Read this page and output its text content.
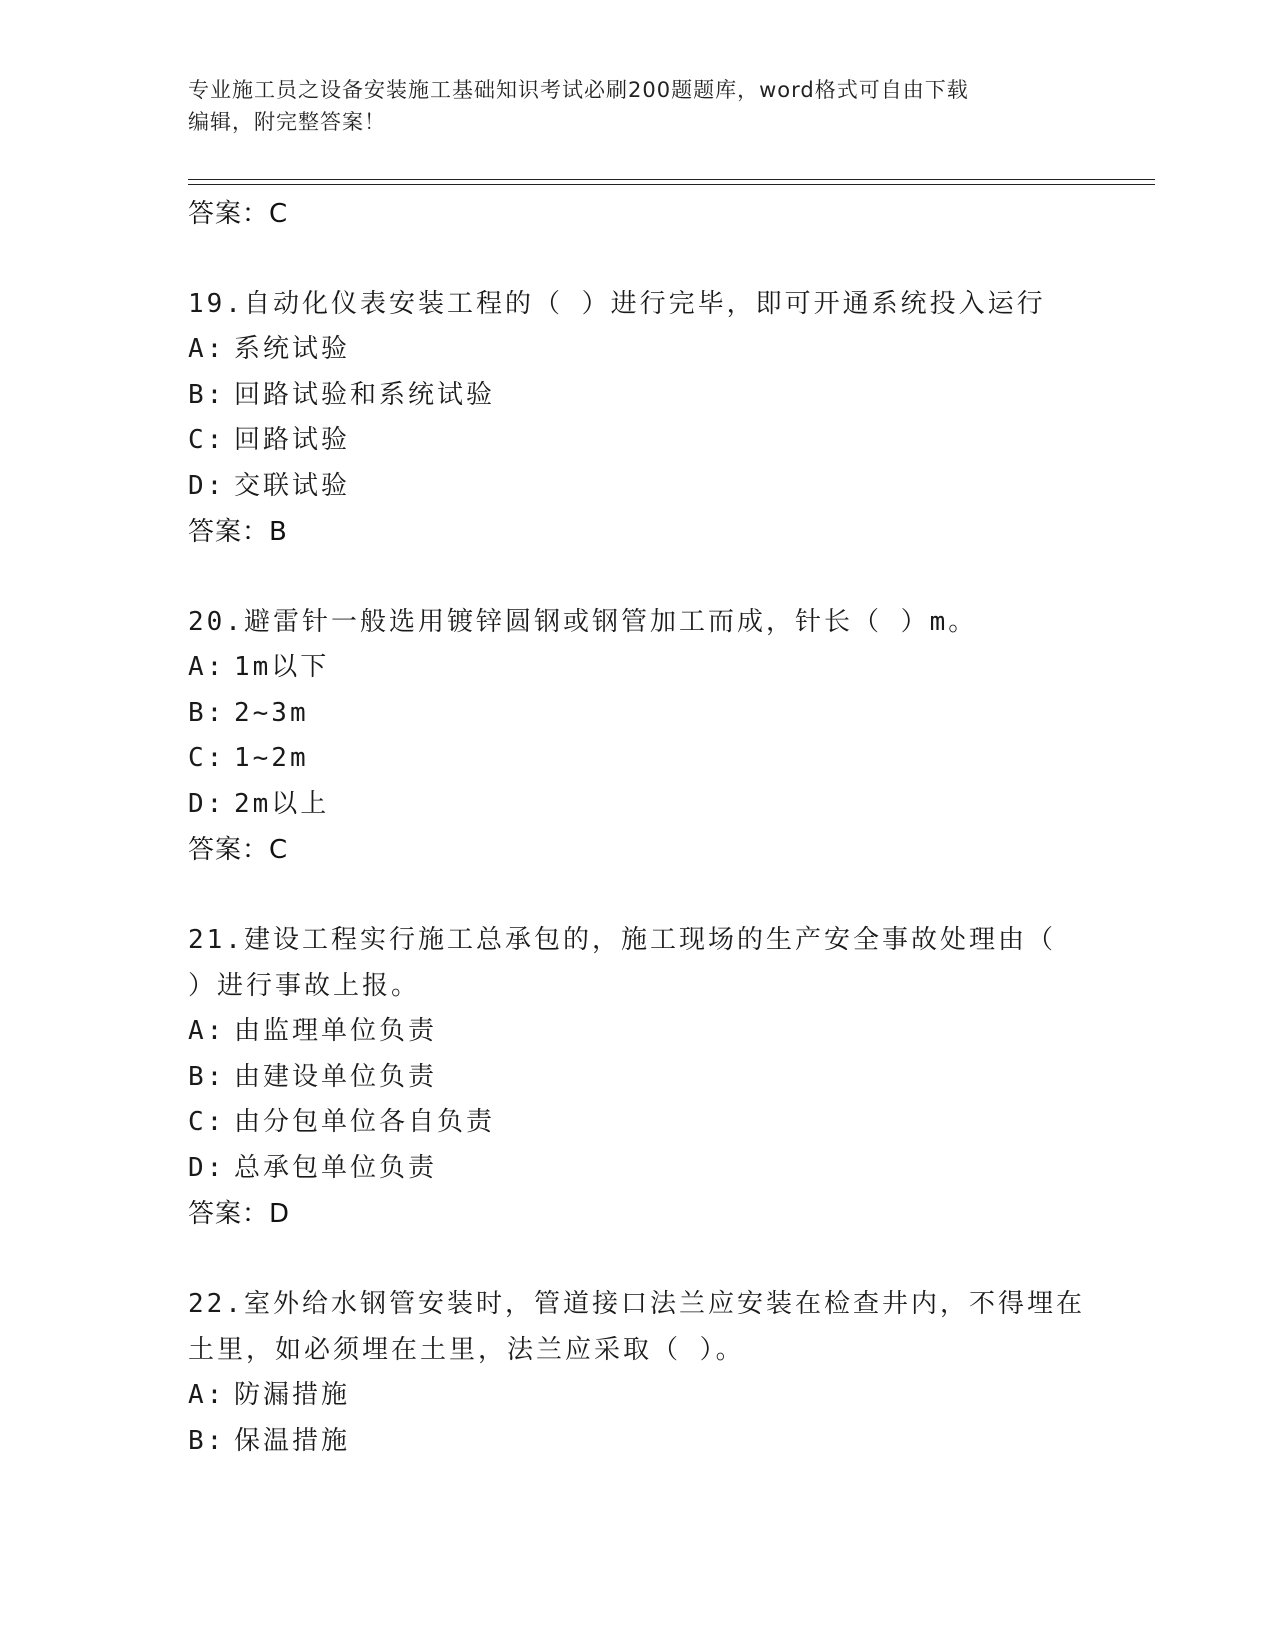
专业施工员之设备安装施工基础知识考试必刷200题题库，word格式可自由下载
编辑，附完整答案！
答案：C
19.自动化仪表安装工程的（ ）进行完毕，即可开通系统投入运行
A: 系统试验
B: 回路试验和系统试验
C: 回路试验
D: 交联试验
答案：B
20.避雷针一般选用镀锌圆钢或钢管加工而成，针长（ ）m。
A: 1m以下
B: 2~3m
C: 1~2m
D: 2m以上
答案：C
21.建设工程实行施工总承包的，施工现场的生产安全事故处理由（
）进行事故上报。
A: 由监理单位负责
B: 由建设单位负责
C: 由分包单位各自负责
D: 总承包单位负责
答案：D
22.室外给水钢管安装时，管道接口法兰应安装在检查井内，不得埋在
土里，如必须埋在土里，法兰应采取（ ）。
A: 防漏措施
B: 保温措施
